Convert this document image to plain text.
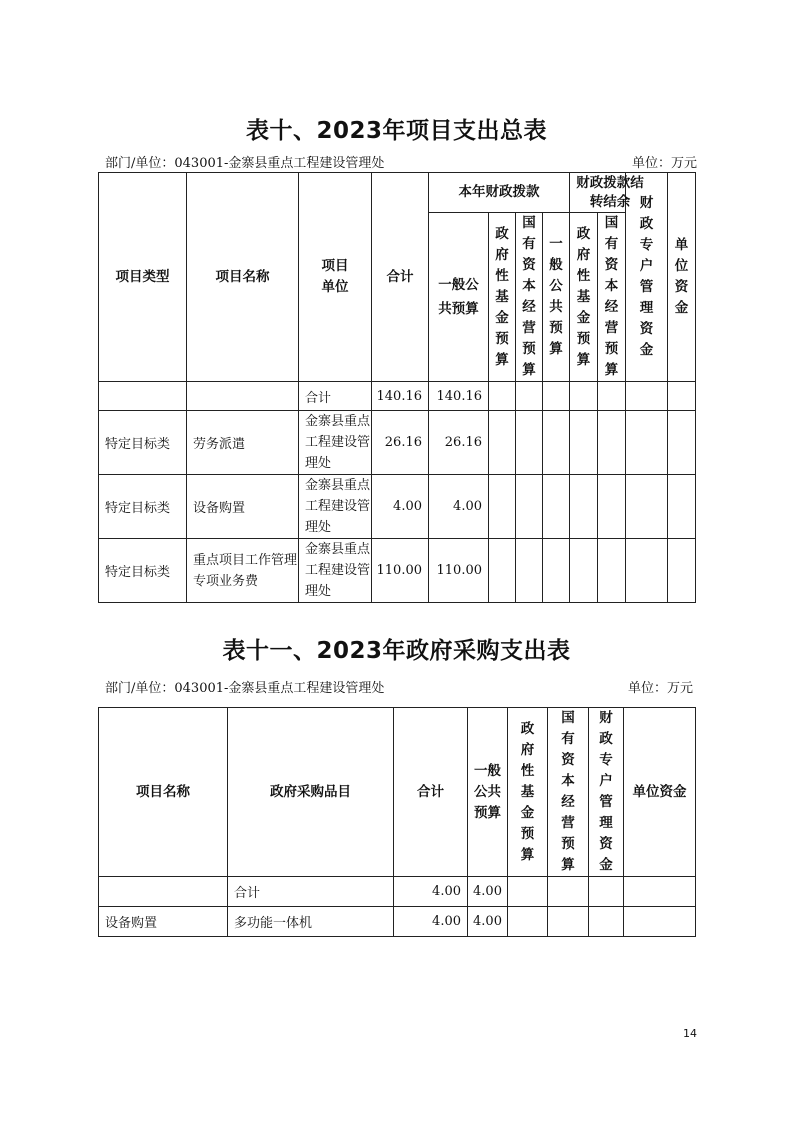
表十、2023年项目支出总表
部门/单位：043001-金寨县重点工程建设管理处	单位：万元
项目类型	项目名称	项目单位	合计	本年财政拨款				财政拨款结转结余		财政专户管理资金	单位资金

				一般公共预算	政府性基金预算	国有资本经营预算	一般公共预算	政府性基金预算	国有资本经营预算		
		合计	140.16	140.16							
特定目标类	劳务派遣	金寨县重点工程建设管理处	26.16	26.16							
特定目标类	设备购置	金寨县重点工程建设管理处	4.00	4.00							
特定目标类	重点项目工作管理专项业务费	金寨县重点工程建设管理处	110.00	110.00							
表十一、2023年政府采购支出表
部门/单位：043001-金寨县重点工程建设管理处	单位：万元
项目名称	政府采购品目	合计	一般公共预算	政府性基金预算	国有资本经营预算	财政专户管理资金	单位资金
	合计	4.00	4.00				
设备购置	多功能一体机	4.00	4.00				
14
